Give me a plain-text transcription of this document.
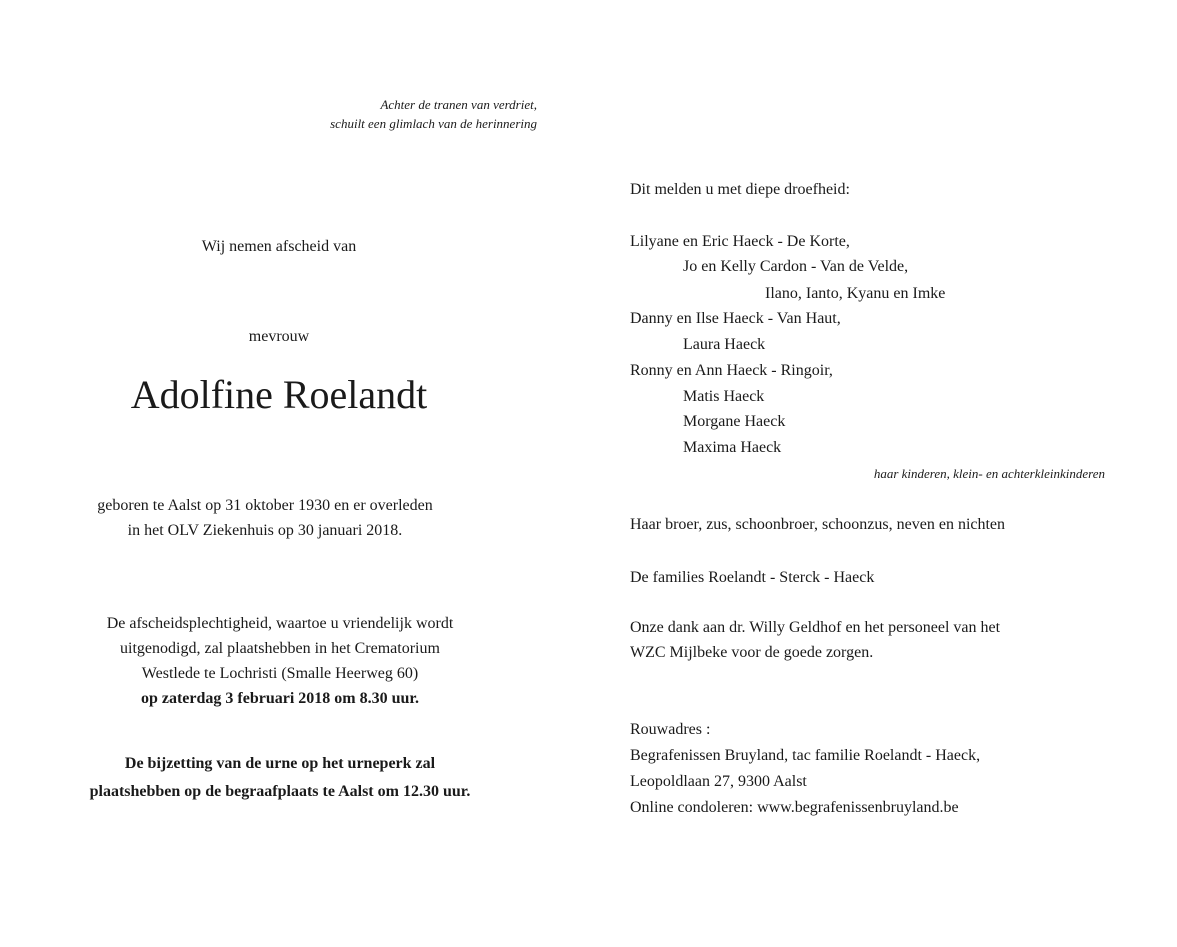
Achter de tranen van verdriet,
schuilt een glimlach van de herinnering
Wij nemen afscheid van
mevrouw
Adolfine Roelandt
geboren te Aalst op 31 oktober 1930 en er overleden
in het OLV Ziekenhuis op 30 januari 2018.
De afscheidsplechtigheid, waartoe u vriendelijk wordt
uitgenodigd, zal plaatshebben in het Crematorium
Westlede te Lochristi (Smalle Heerweg 60)
op zaterdag 3 februari 2018 om 8.30 uur.
De bijzetting van de urne op het urneperk zal
plaatshebben op de begraafplaats te Aalst om 12.30 uur.
Dit melden u met diepe droefheid:
Lilyane en Eric Haeck - De Korte,
Jo en Kelly Cardon - Van de Velde,
Ilano, Ianto, Kyanu en Imke
Danny en Ilse Haeck - Van Haut,
Laura Haeck
Ronny en Ann Haeck - Ringoir,
Matis Haeck
Morgane Haeck
Maxima Haeck
haar kinderen, klein- en achterkleinkinderen
Haar broer, zus, schoonbroer, schoonzus, neven en nichten
De families Roelandt - Sterck - Haeck
Onze dank aan dr. Willy Geldhof en het personeel van het
WZC Mijlbeke voor de goede zorgen.
Rouwadres :
Begrafenissen Bruyland, tac familie Roelandt - Haeck,
Leopoldlaan 27, 9300 Aalst
Online condoleren: www.begrafenissenbruyland.be
